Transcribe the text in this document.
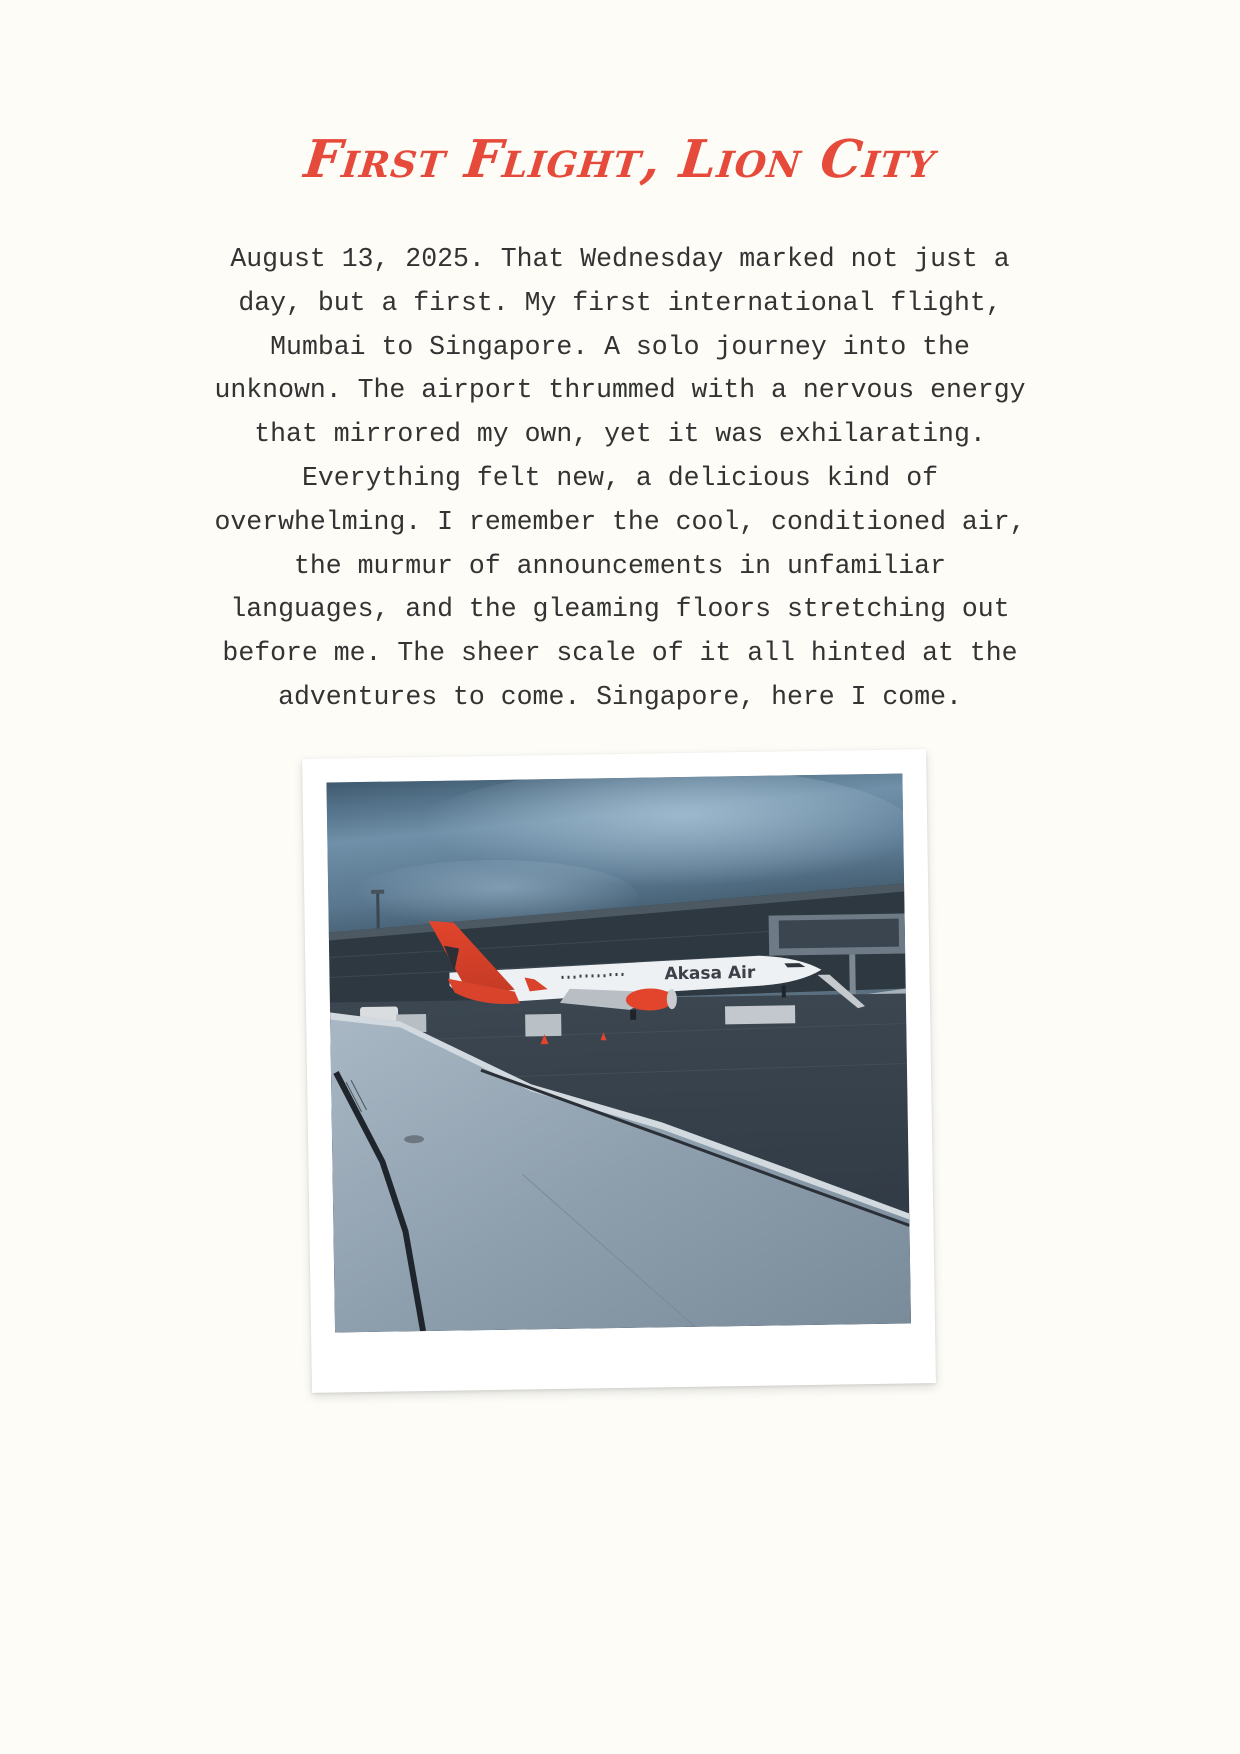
First Flight, Lion City
August 13, 2025. That Wednesday marked not just a
day, but a first. My first international flight,
Mumbai to Singapore. A solo journey into the
unknown. The airport thrummed with a nervous energy
that mirrored my own, yet it was exhilarating.
Everything felt new, a delicious kind of
overwhelming. I remember the cool, conditioned air,
the murmur of announcements in unfamiliar
languages, and the gleaming floors stretching out
before me. The sheer scale of it all hinted at the
adventures to come. Singapore, here I come.
Akasa Air
